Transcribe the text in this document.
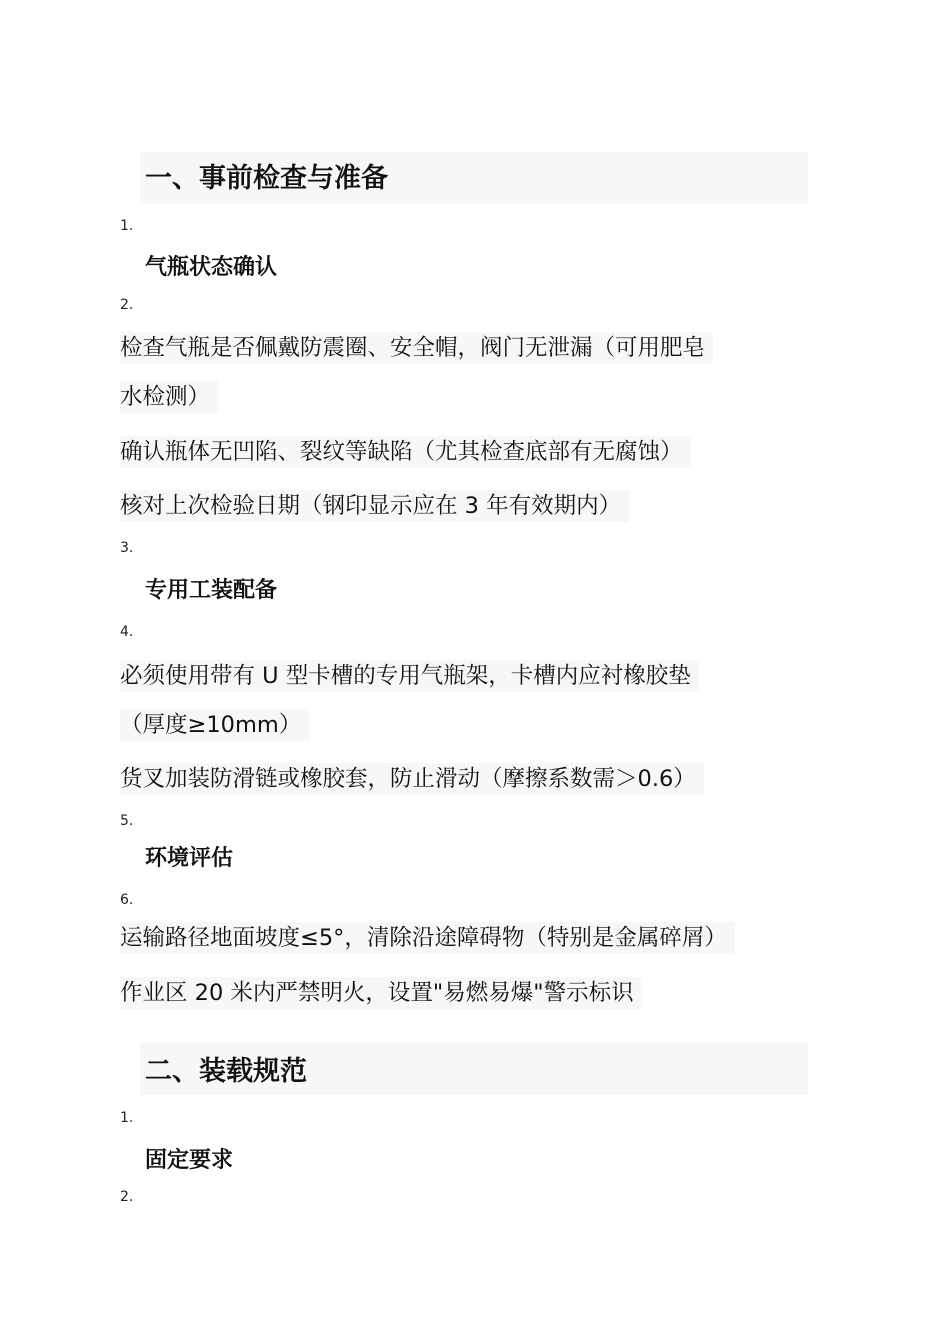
一、事前检查与准备
1.
气瓶状态确认
2.
检查气瓶是否佩戴防震圈、安全帽，阀门无泄漏（可用肥皂
水检测）
确认瓶体无凹陷、裂纹等缺陷（尤其检查底部有无腐蚀）
核对上次检验日期（钢印显示应在 3 年有效期内）
3.
专用工装配备
4.
必须使用带有 U 型卡槽的专用气瓶架，卡槽内应衬橡胶垫
（厚度≥10mm）
货叉加装防滑链或橡胶套，防止滑动（摩擦系数需＞0.6）
5.
环境评估
6.
运输路径地面坡度≤5°，清除沿途障碍物（特别是金属碎屑）
作业区 20 米内严禁明火，设置"易燃易爆"警示标识
二、装载规范
1.
固定要求
2.
